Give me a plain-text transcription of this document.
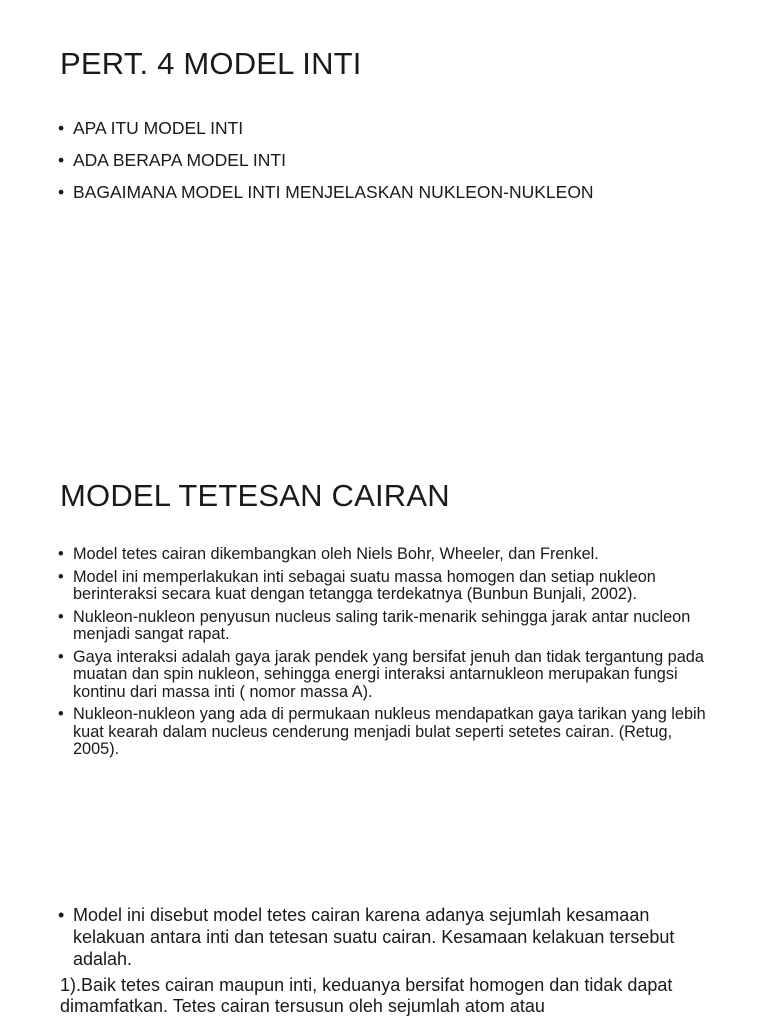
PERT. 4 MODEL INTI
• APA ITU MODEL INTI
• ADA BERAPA MODEL INTI
• BAGAIMANA MODEL INTI MENJELASKAN NUKLEON-NUKLEON
MODEL TETESAN CAIRAN
• Model tetes cairan dikembangkan oleh Niels Bohr, Wheeler, dan Frenkel.
• Model ini memperlakukan inti sebagai suatu massa homogen dan setiap nukleon berinteraksi secara kuat dengan tetangga terdekatnya (Bunbun Bunjali, 2002).
• Nukleon-nukleon penyusun nucleus saling tarik-menarik sehingga jarak antar nucleon menjadi sangat rapat.
• Gaya interaksi adalah gaya jarak pendek yang bersifat jenuh dan tidak tergantung pada muatan dan spin nukleon, sehingga energi interaksi antarnukleon merupakan fungsi kontinu dari massa inti ( nomor massa A).
• Nukleon-nukleon yang ada di permukaan nukleus mendapatkan gaya tarikan yang lebih kuat kearah dalam nucleus cenderung menjadi bulat seperti setetes cairan. (Retug, 2005).
• Model ini disebut model tetes cairan karena adanya sejumlah kesamaan kelakuan antara inti dan tetesan suatu cairan. Kesamaan kelakuan tersebut adalah.

1).Baik tetes cairan maupun inti, keduanya bersifat homogen dan tidak dapat dimamfatkan. Tetes cairan tersusun oleh sejumlah atom atau
